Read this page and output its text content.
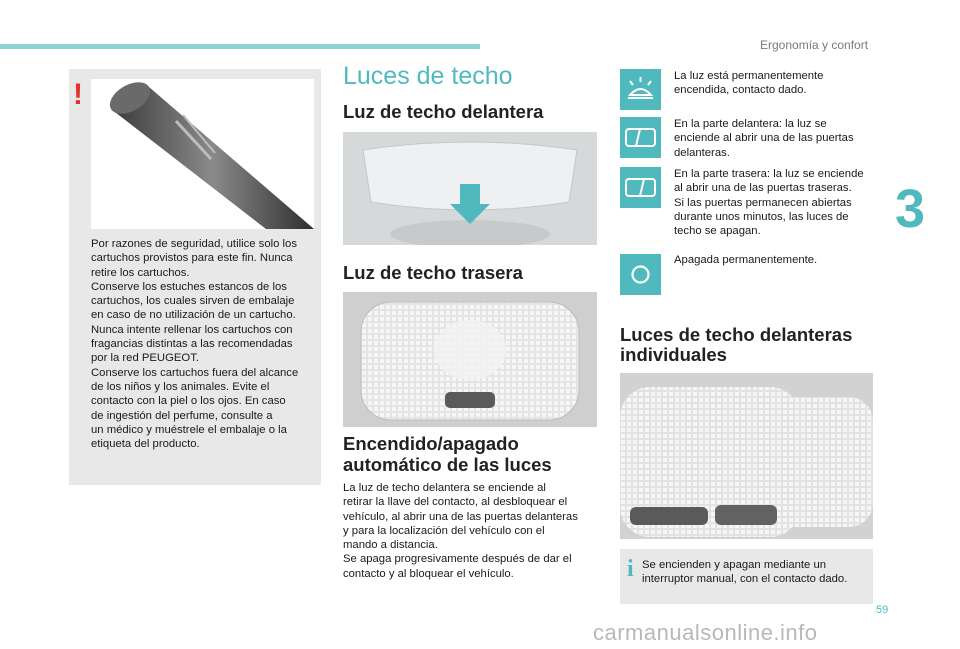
Ergonomía y confort
3
59
!
Por razones de seguridad, utilice solo los
cartuchos provistos para este fin. Nunca
retire los cartuchos.
Conserve los estuches estancos de los
cartuchos, los cuales sirven de embalaje
en caso de no utilización de un cartucho.
Nunca intente rellenar los cartuchos con
fragancias distintas a las recomendadas
por la red PEUGEOT.
Conserve los cartuchos fuera del alcance
de los niños y los animales. Evite el
contacto con la piel o los ojos. En caso
de ingestión del perfume, consulte a
un médico y muéstrele el embalaje o la
etiqueta del producto.
Luces de techo
Luz de techo delantera
Luz de techo trasera
Encendido/apagado
automático de las luces
La luz de techo delantera se enciende al
retirar la llave del contacto, al desbloquear el
vehículo, al abrir una de las puertas delanteras
y para la localización del vehículo con el
mando a distancia.
Se apaga progresivamente después de dar el
contacto y al bloquear el vehículo.
La luz está permanentemente
encendida, contacto dado.
En la parte delantera: la luz se
enciende al abrir una de las puertas
delanteras.
En la parte trasera: la luz se enciende
al abrir una de las puertas traseras.
Si las puertas permanecen abiertas
durante unos minutos, las luces de
techo se apagan.
Apagada permanentemente.
Luces de techo delanteras
individuales
i Se encienden y apagan mediante un
interruptor manual, con el contacto dado.
carmanualsonline.info
